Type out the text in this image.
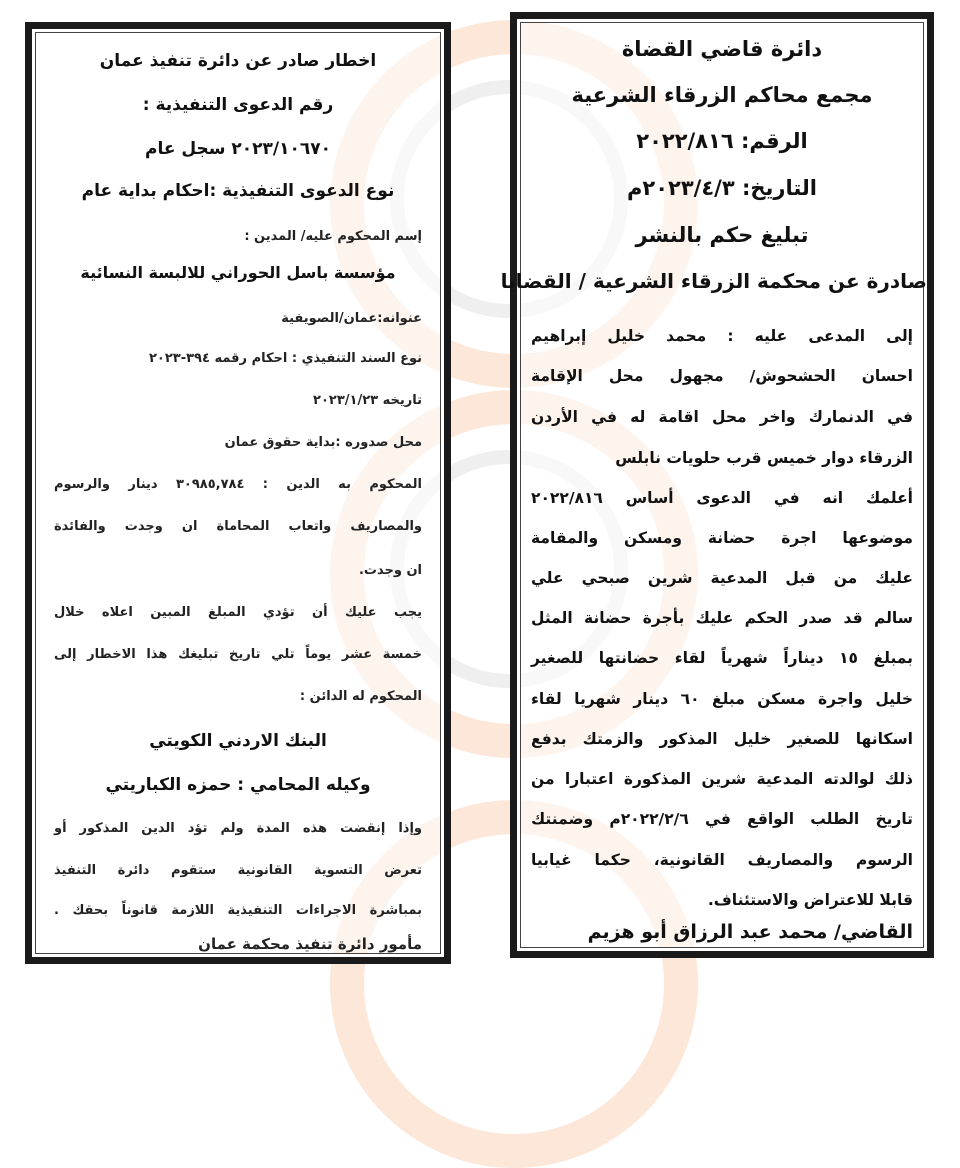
اخطار صادر عن دائرة تنفيذ عمان
رقم الدعوى التنفيذية :
٢٠٢٣/١٠٦٧٠ سجل عام
نوع الدعوى التنفيذية :احكام بداية عام
إسم المحكوم عليه/ المدين :
مؤسسة باسل الحوراني للالبسة النسائية
عنوانه:عمان/الصويفية
نوع السند التنفيذي : احكام رقمه ٣٩٤-٢٠٢٣
تاريخه ٢٠٢٣/١/٢٣
محل صدوره :بداية حقوق عمان
المحكوم به الدين : ٣٠٩٨٥,٧٨٤ دينار والرسوم
والمصاريف واتعاب المحاماة ان وجدت والفائدة
ان وجدت.
يجب عليك أن تؤدي المبلغ المبين اعلاه خلال
خمسة عشر يوماً تلي تاريخ تبليغك هذا الاخطار إلى
المحكوم له الدائن :
البنك الاردني الكويتي
وكيله المحامي : حمزه الكباريتي
وإذا إنقضت هذه المدة ولم تؤد الدين المذكور أو
تعرض التسوية القانونية ستقوم دائرة التنفيذ
بمباشرة الاجراءات التنفيذية اللازمة قانوناً بحقك .
مأمور دائرة تنفيذ محكمة عمان
دائرة قاضي القضاة
مجمع محاكم الزرقاء الشرعية
الرقم: ٢٠٢٢/٨١٦
التاريخ: ٢٠٢٣/٤/٣م
تبليغ حكم بالنشر
صادرة عن محكمة الزرقاء الشرعية / القضايا
إلى المدعى عليه : محمد خليل إبراهيم
احسان الحشحوش/ مجهول محل الإقامة
في الدنمارك واخر محل اقامة له في الأردن
الزرقاء دوار خميس قرب حلويات نابلس
أعلمك انه في الدعوى أساس ٢٠٢٢/٨١٦
موضوعها اجرة حضانة ومسكن والمقامة
عليك من قبل المدعية شرين صبحي علي
سالم قد صدر الحكم عليك بأجرة حضانة المثل
بمبلغ ١٥ ديناراً شهرياً لقاء حضانتها للصغير
خليل واجرة مسكن مبلغ ٦٠ دينار شهريا لقاء
اسكانها للصغير خليل المذكور والزمتك بدفع
ذلك لوالدته المدعية شرين المذكورة اعتبارا من
تاريخ الطلب الواقع في ٢٠٢٢/٢/٦م وضمنتك
الرسوم والمصاريف القانونية، حكما غيابيا
قابلا للاعتراض والاستئناف.
القاضي/ محمد عبد الرزاق أبو هزيم
